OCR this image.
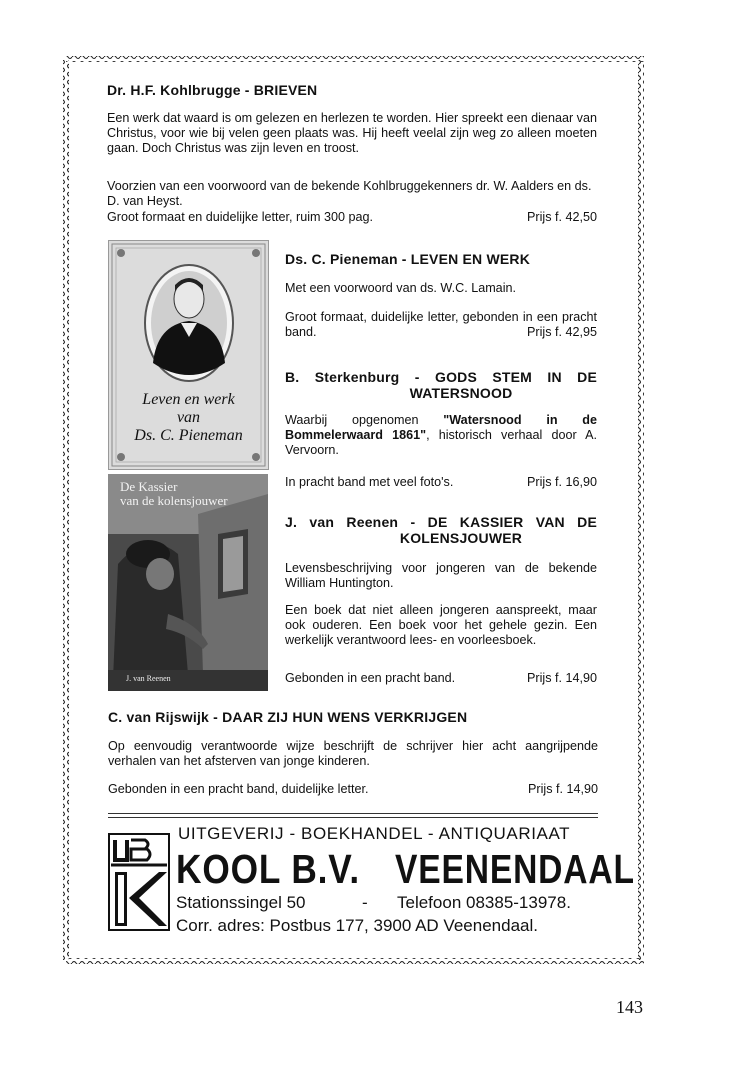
Dr. H.F. Kohlbrugge - BRIEVEN
Een werk dat waard is om gelezen en herlezen te worden. Hier spreekt een dienaar van Christus, voor wie bij velen geen plaats was. Hij heeft veelal zijn weg zo alleen moeten gaan. Doch Christus was zijn leven en troost.
Voorzien van een voorwoord van de bekende Kohlbruggekenners dr. W. Aalders en ds. D. van Heyst.
Groot formaat en duidelijke letter, ruim 300 pag.	Prijs f. 42,50
Leven en werk
van
Ds. C. Pieneman
De Kassier
van de kolensjouwer
J. van Reenen
Ds. C. Pieneman - LEVEN EN WERK
Met een voorwoord van ds. W.C. Lamain.
Groot formaat, duidelijke letter, gebonden in een pracht band.	Prijs f. 42,95
B. Sterkenburg - GODS STEM IN DE
WATERSNOOD
Waarbij opgenomen "Watersnood in de Bommelerwaard 1861", historisch verhaal door A. Vervoorn.
In pracht band met veel foto's.	Prijs f. 16,90
J. van Reenen - DE KASSIER VAN DE
KOLENSJOUWER
Levensbeschrijving voor jongeren van de bekende William Huntington.
Een boek dat niet alleen jongeren aanspreekt, maar ook ouderen. Een boek voor het gehele gezin. Een werkelijk verantwoord lees- en voorleesboek.
Gebonden in een pracht band.	Prijs f. 14,90
C. van Rijswijk - DAAR ZIJ HUN WENS VERKRIJGEN
Op eenvoudig verantwoorde wijze beschrijft de schrijver hier acht aangrijpende verhalen van het afsterven van jonge kinderen.
Gebonden in een pracht band, duidelijke letter.	Prijs f. 14,90
UITGEVERIJ - BOEKHANDEL - ANTIQUARIAAT
KOOL B.V. VEENENDAAL
Stationssingel 50	- Telefoon 08385-13978.
Corr. adres: Postbus 177, 3900 AD Veenendaal.
143
